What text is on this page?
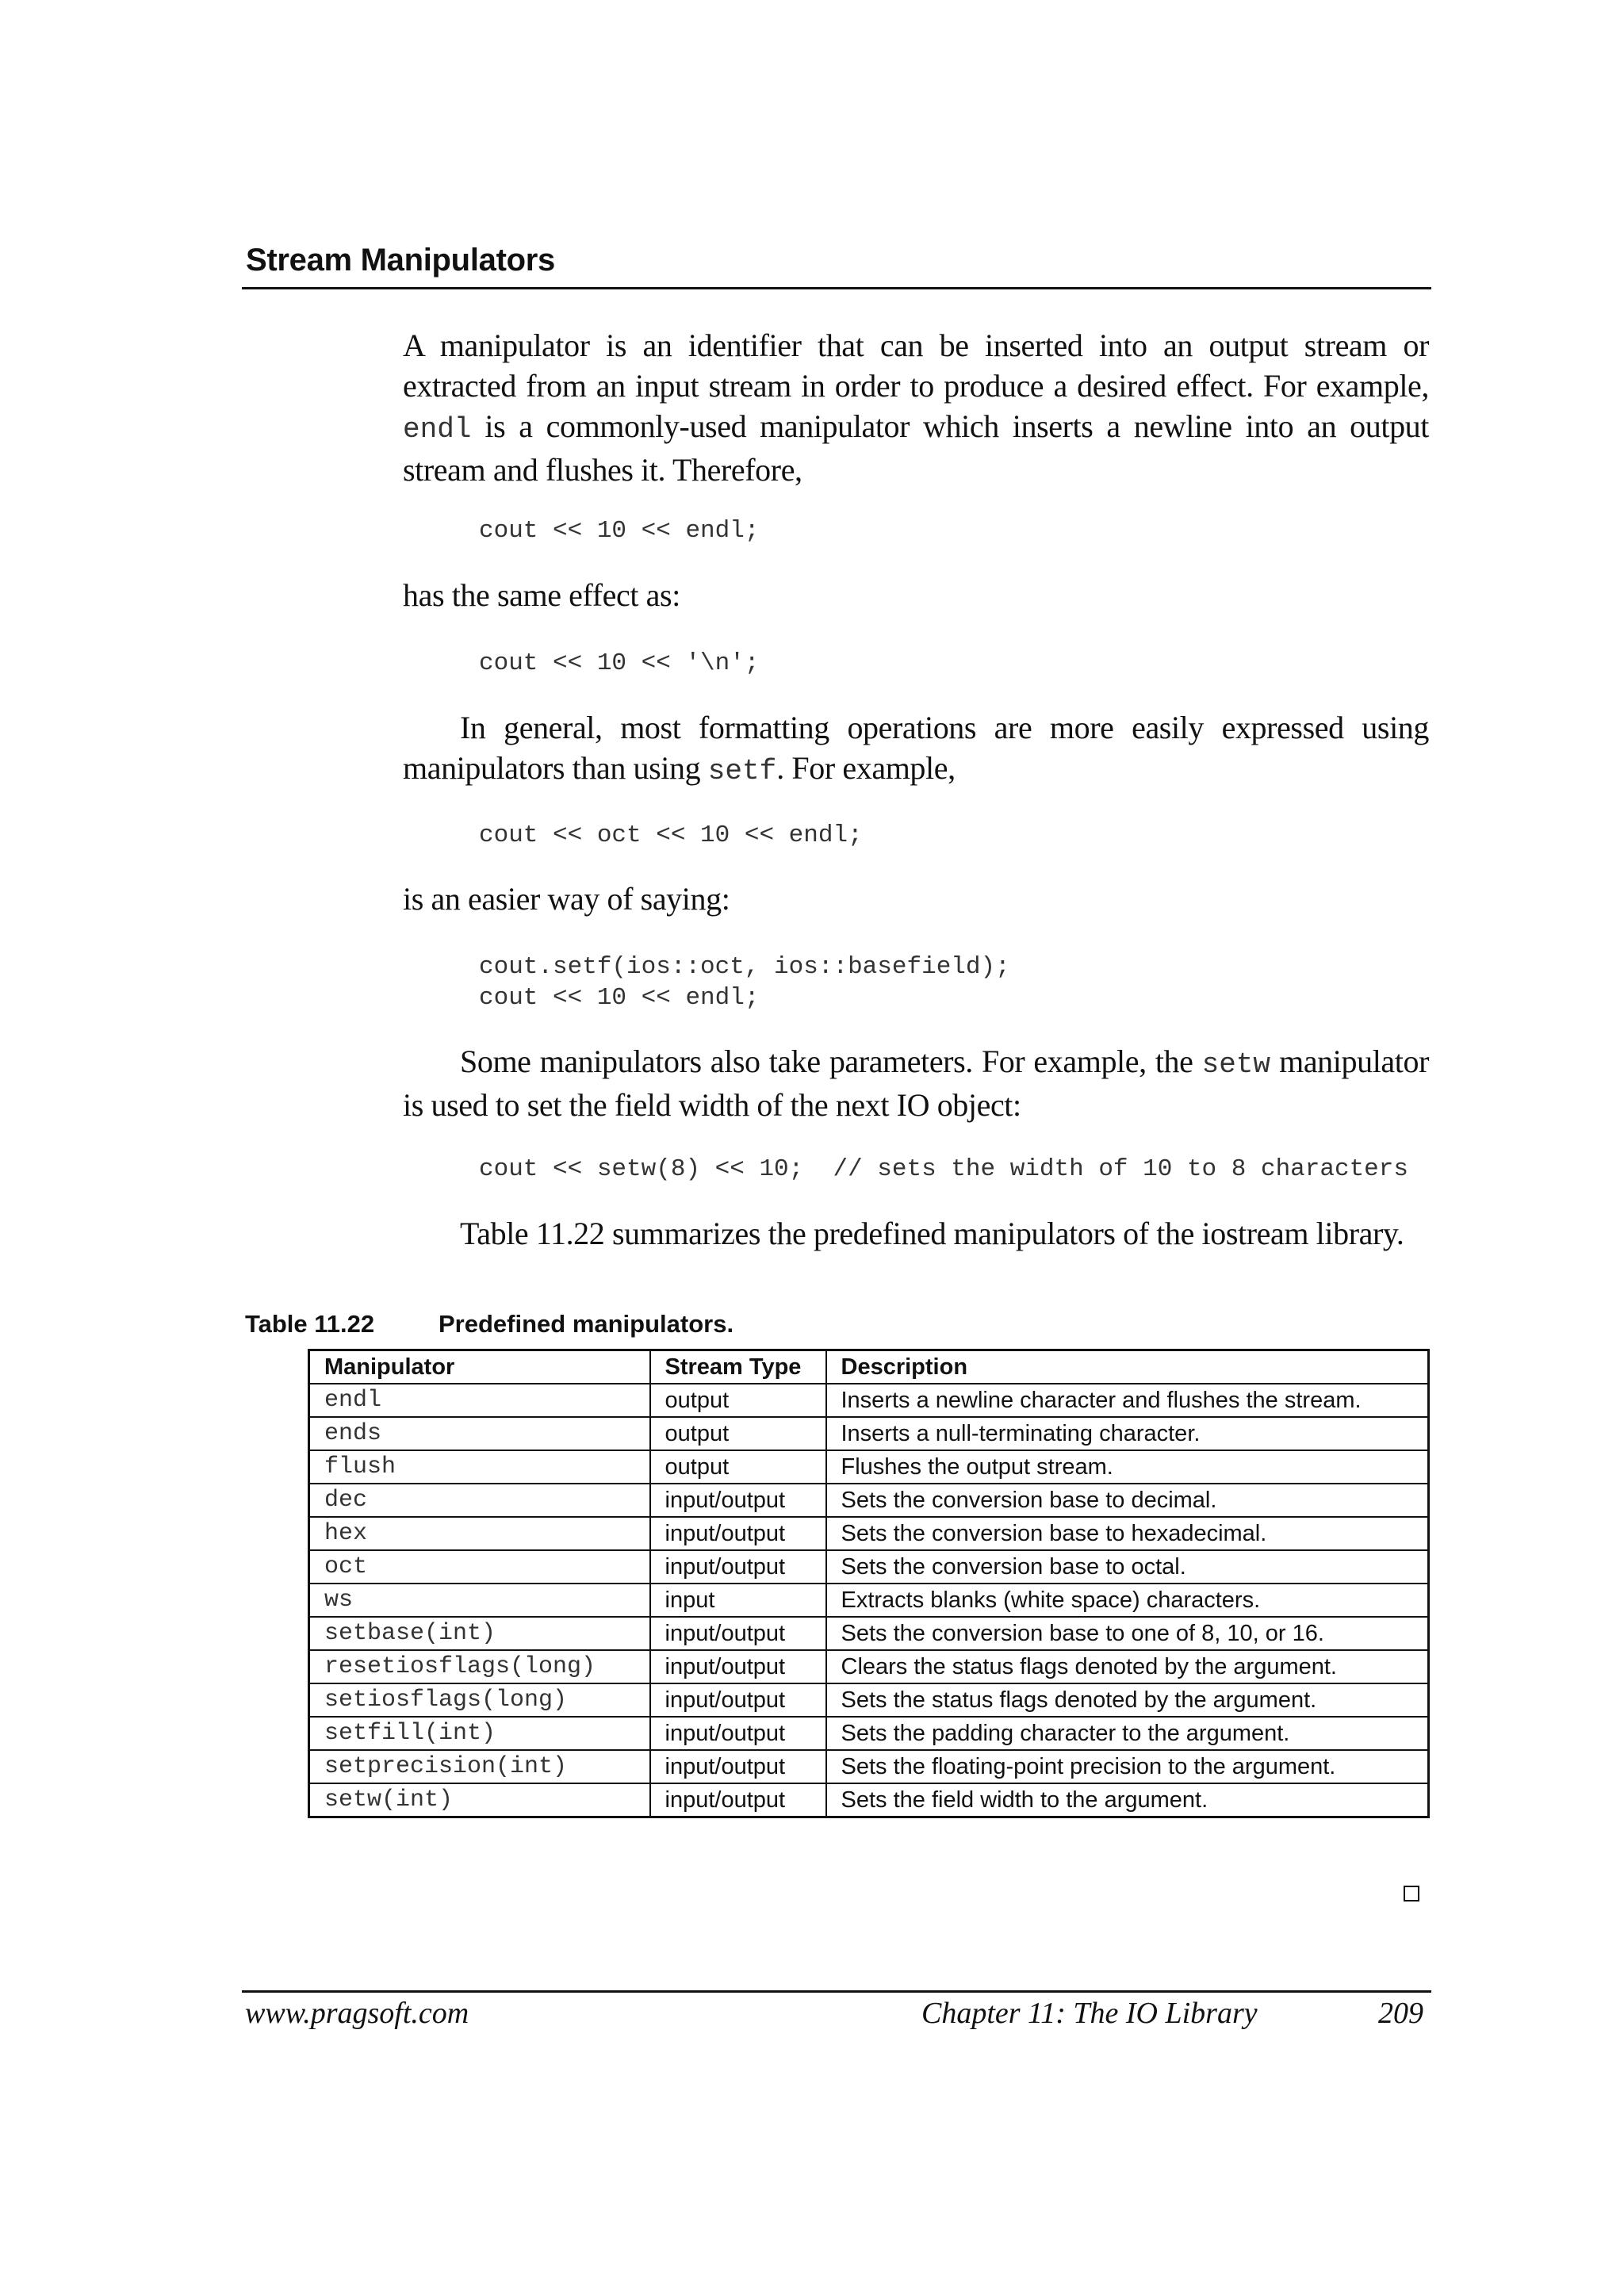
Stream Manipulators

A manipulator is an identifier that can be inserted into an output stream or extracted from an input stream in order to produce a desired effect. For example, endl is a commonly-used manipulator which inserts a newline into an output stream and flushes it. Therefore,

cout << 10 << endl;

has the same effect as:

cout << 10 << '\n';

In general, most formatting operations are more easily expressed using manipulators than using setf. For example,

cout << oct << 10 << endl;

is an easier way of saying:

cout.setf(ios::oct, ios::basefield);
cout << 10 << endl;

Some manipulators also take parameters. For example, the setw manipulator is used to set the field width of the next IO object:

cout << setw(8) << 10;  // sets the width of 10 to 8 characters

Table 11.22 summarizes the predefined manipulators of the iostream library.

Table 11.22	Predefined manipulators.
Manipulator	Stream Type	Description
endl	output	Inserts a newline character and flushes the stream.
ends	output	Inserts a null-terminating character.
flush	output	Flushes the output stream.
dec	input/output	Sets the conversion base to decimal.
hex	input/output	Sets the conversion base to hexadecimal.
oct	input/output	Sets the conversion base to octal.
ws	input	Extracts blanks (white space) characters.
setbase(int)	input/output	Sets the conversion base to one of 8, 10, or 16.
resetiosflags(long)	input/output	Clears the status flags denoted by the argument.
setiosflags(long)	input/output	Sets the status flags denoted by the argument.
setfill(int)	input/output	Sets the padding character to the argument.
setprecision(int)	input/output	Sets the floating-point precision to the argument.
setw(int)	input/output	Sets the field width to the argument.
www.pragsoft.com	Chapter 11: The IO Library	209
